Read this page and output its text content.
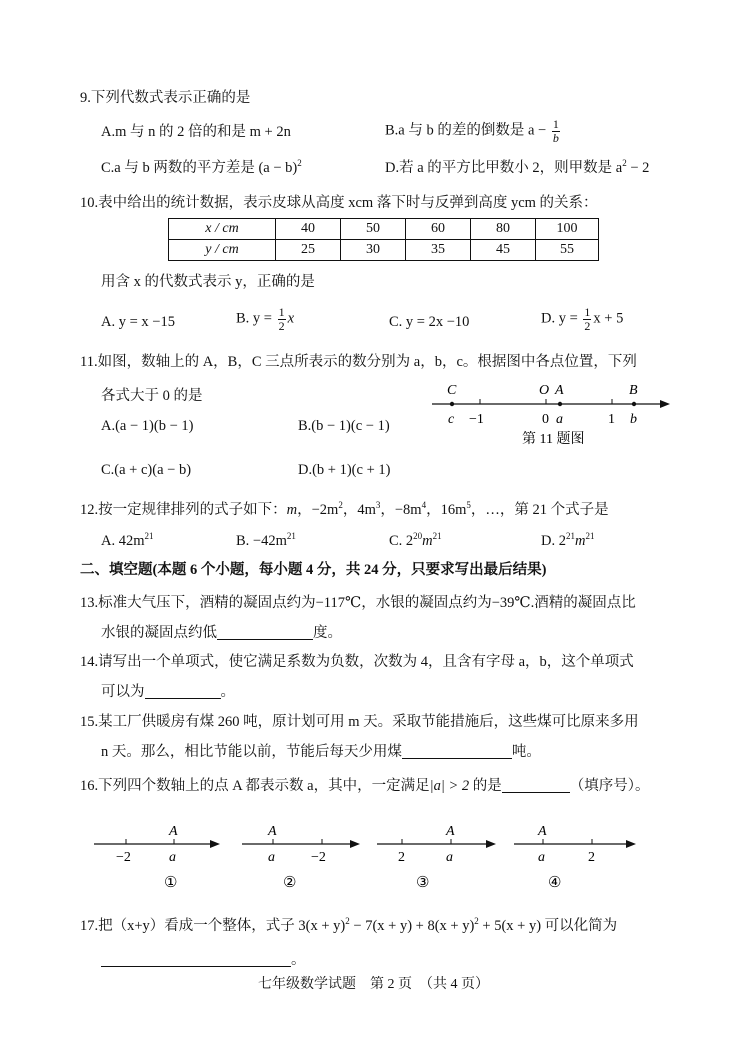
9.下列代数式表示正确的是
A.m 与 n 的 2 倍的和是 m + 2n	B.a 与 b 的差的倒数是 $a - \frac{1}{b}$
C.a 与 b 两数的平方差是 $(a - b)^2$	D.若 a 的平方比甲数小 2，则甲数是 $a^2 - 2$
10.表中给出的统计数据，表示皮球从高度 xcm 落下时与反弹到高度 ycm 的关系：
x / cm	40	50	60	80	100
y / cm	25	30	35	45	55
用含 x 的代数式表示 y，正确的是
A. y = x −15	B. $y = \frac{1}{2}$ x	C. y = 2x −10	D. $y = \frac{1}{2}$ x + 5
11.如图，数轴上的 A，B，C 三点所表示的数分别为 a，b，c。根据图中各点位置，下列
各式大于 0 的是
A.(a − 1)(b − 1)	B.(b − 1)(c − 1)
C.(a + c)(a − b)	D.(b + 1)(c + 1)
C	O A	B
c −1	0 a	1 b
第 11 题图
12.按一定规律排列的式子如下：m，$-2m^2$，$4m^3$，$-8m^4$，$16m^5$，…，第 21 个式子是
A. $42m^{21}$	B. $-42m^{21}$	C. $2^{20}m^{21}$	D. $2^{21}m^{21}$
二、填空题(本题 6 个小题，每小题 4 分，共 24 分，只要求写出最后结果)
13.标准大气压下，酒精的凝固点约为−117℃，水银的凝固点约为−39℃.酒精的凝固点比
水银的凝固点约低	度。
14.请写出一个单项式，使它满足系数为负数，次数为 4，且含有字母 a，b，这个单项式
可以为	。
15.某工厂供暖房有煤 260 吨，原计划可用 m 天。采取节能措施后，这些煤可比原来多用
n 天。那么，相比节能以前，节能后每天少用煤	吨。
16.下列四个数轴上的点 A 都表示数 a，其中，一定满足|a| > 2 的是	（填序号）。
A
a
−2
①
A
a	−2
②
A
a
2
③
A
a	2
④
17.把（x+y）看成一个整体，式子 $3(x + y)^2 - 7(x + y) + 8(x + y)^2 + 5(x + y)$ 可以化简为
。
七年级数学试题　第 2 页　（共 4 页）
